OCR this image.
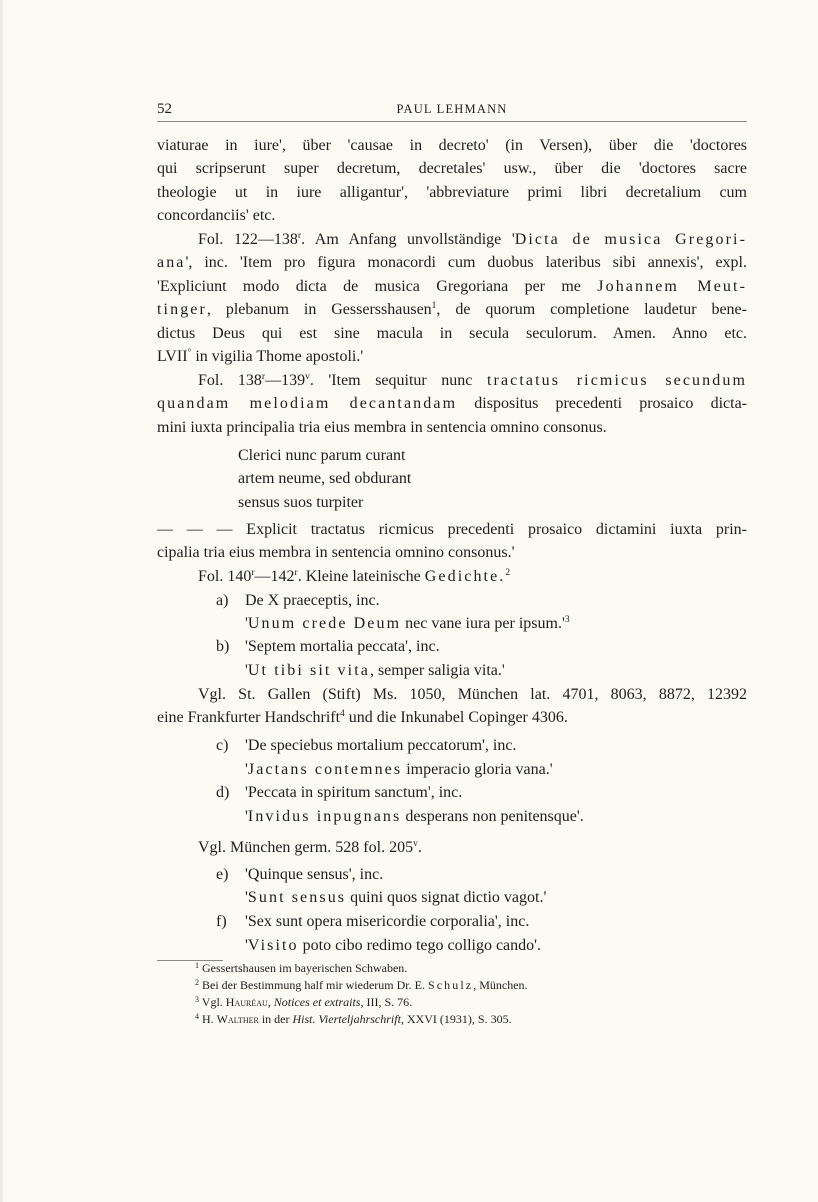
52	PAUL LEHMANN
viaturae in iure', über 'causae in decreto' (in Versen), über die 'doctores
qui scripserunt super decretum, decretales' usw., über die 'doctores sacre
theologie ut in iure alligantur', 'abbreviature primi libri decretalium cum
concordanciis' etc.
Fol. 122—138$^r$. Am Anfang unvollständige 'Dicta de musica Gregori-
ana', inc. 'Item pro figura monacordi cum duobus lateribus sibi annexis', expl.
'Expliciunt modo dicta de musica Gregoriana per me Johannem Meut-
tinger, plebanum in Gessersshausen$^1$, de quorum completione laudetur bene-
dictus Deus qui est sine macula in secula seculorum. Amen. Anno etc.
LVII° in vigilia Thome apostoli.'
Fol. 138$^r$—139$^v$. 'Item sequitur nunc tractatus ricmicus secundum
quandam melodiam decantandam dispositus precedenti prosaico dicta-
mini iuxta principalia tria eius membra in sentencia omnino consonus.
Clerici nunc parum curant
artem neume, sed obdurant
sensus suos turpiter
— — — Explicit tractatus ricmicus precedenti prosaico dictamini iuxta prin-
cipalia tria eius membra in sentencia omnino consonus.'
Fol. 140$^r$—142$^r$. Kleine lateinische Gedichte.$^2$
a) De X praeceptis, inc.
'Unum crede Deum nec vane iura per $ipsum.'^3$
b) 'Septem mortalia peccata', inc.
'Ut tibi sit vita, semper saligia vita.'
Vgl. St. Gallen (Stift) Ms. 1050, München lat. 4701, 8063, 8872, 12392
eine Frankfurter Handschrift$^4$ und die Inkunabel Copinger 4306.
c) 'De speciebus mortalium peccatorum', inc.
'Jactans contemnes imperacio gloria vana.'
d) 'Peccata in spiritum sanctum', inc.
'Invidus inpugnans desperans non penitensque'.
Vgl. München germ. 528 fol. 205$^v$.
e) 'Quinque sensus', inc.
'Sunt sensus quini quos signat dictio vagot.'
f) 'Sex sunt opera misericordie corporalia', inc.
'Visito poto cibo redimo tego colligo cando'.
$^1$ Gessertshausen im bayerischen Schwaben.
$^2$ Bei der Bestimmung half mir wiederum Dr. E. Schulz, München.
$^3$ Vgl. Hauréau, Notices et extraits, III, S. 76.
$^4$ H. Walther in der Hist. Vierteljahrschrift, XXVI (1931), S. 305.
